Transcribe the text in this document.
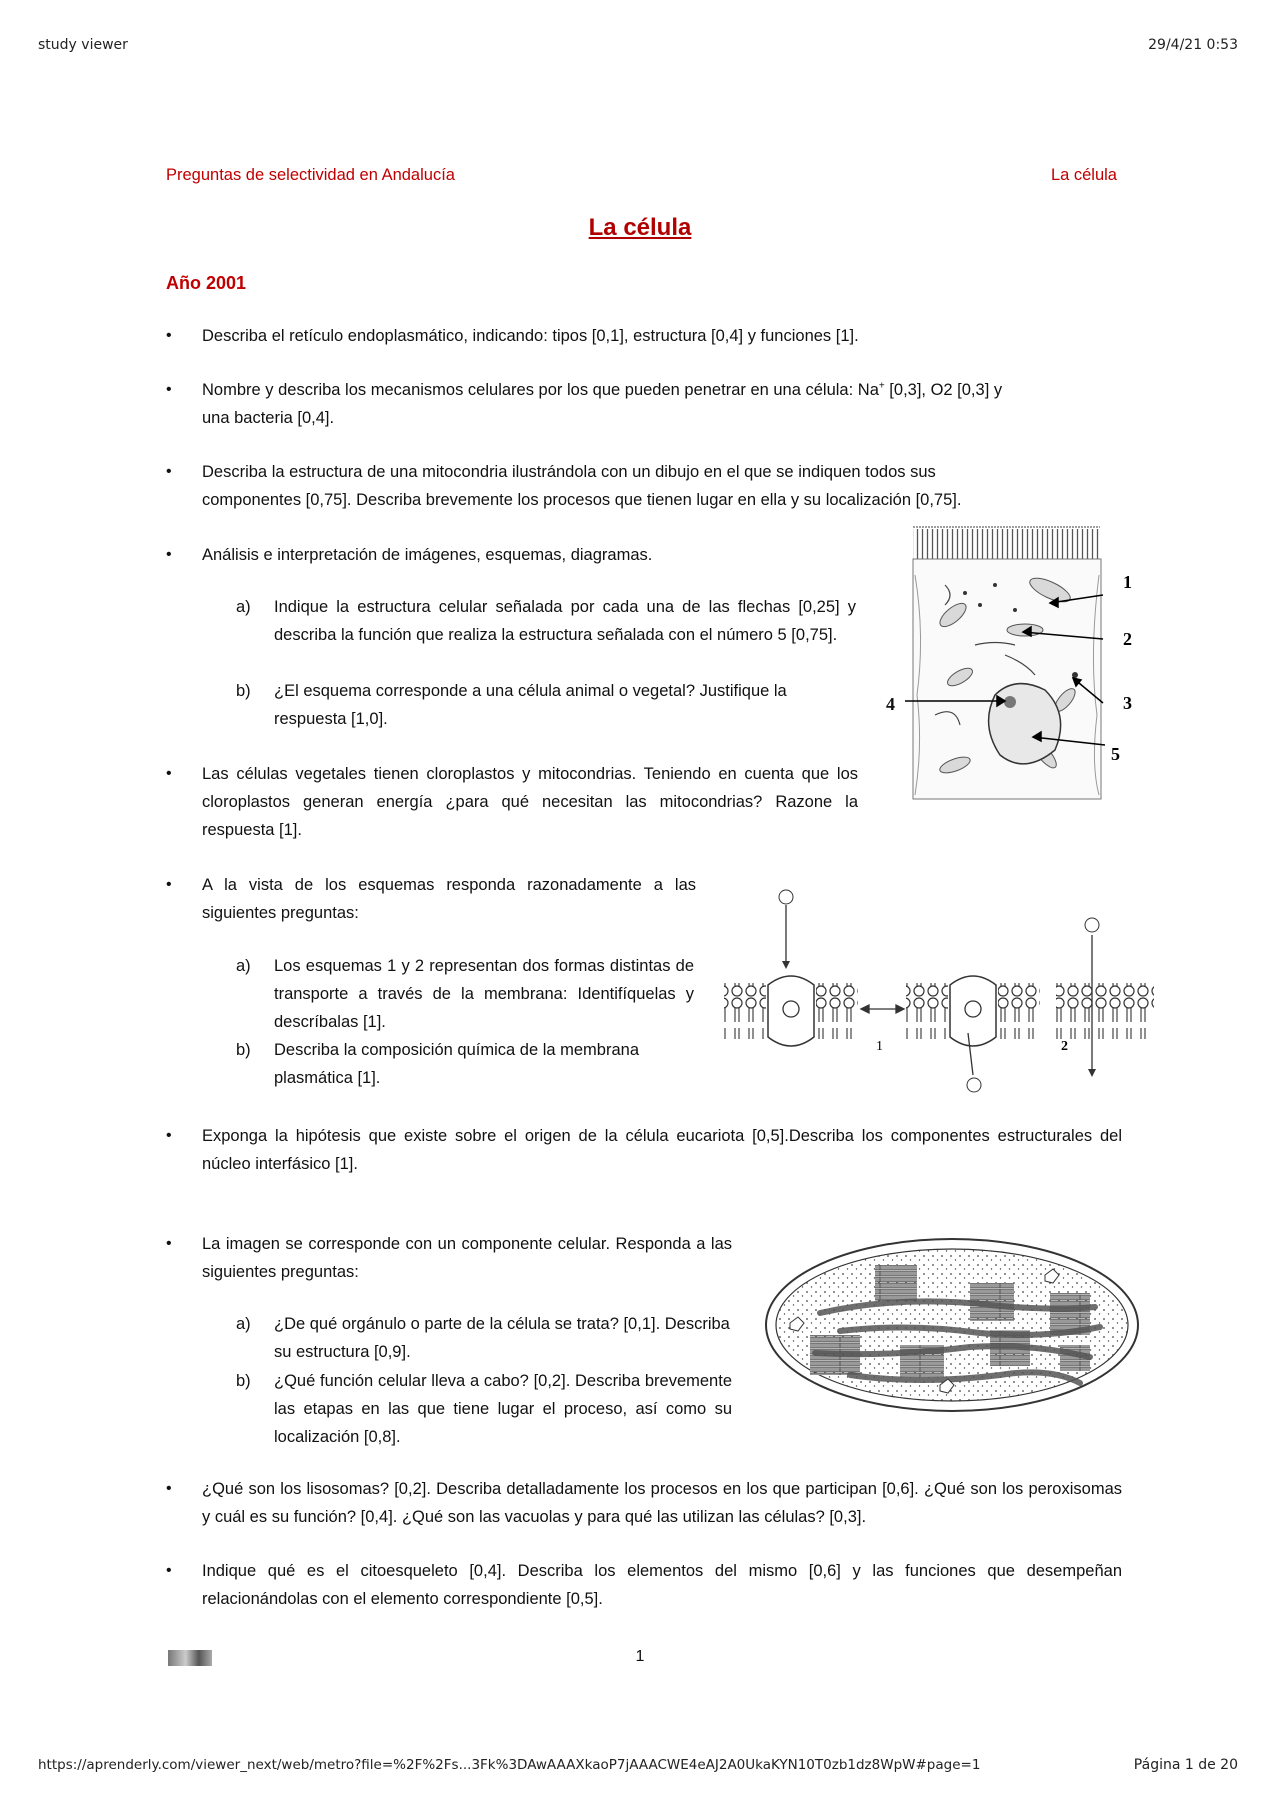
study viewer	29/4/21 0:53
https://aprenderly.com/viewer_next/web/metro?file=%2F%2Fs...3Fk%3DAwAAAXkaoP7jAAACWE4eAJ2A0UkaKYN10T0zb1dz8WpW#page=1	Página 1 de 20
Preguntas de selectividad en Andalucía	La célula
La célula
Año 2001
• Describa el retículo endoplasmático, indicando: tipos [0,1], estructura [0,4] y funciones [1].
• Nombre y describa los mecanismos celulares por los que pueden penetrar en una célula: Na+ [0,3], O2 [0,3] y
una bacteria [0,4].
• Describa la estructura de una mitocondria ilustrándola con un dibujo en el que se indiquen todos sus
componentes [0,75]. Describa brevemente los procesos que tienen lugar en ella y su localización [0,75].
• Análisis e interpretación de imágenes, esquemas, diagramas.
a) Indique la estructura celular señalada por cada una de las flechas [0,25] y describa la función que realiza la estructura señalada con el número 5 [0,75].
b) ¿El esquema corresponde a una célula animal o vegetal? Justifique la respuesta [1,0].
• Las células vegetales tienen cloroplastos y mitocondrias. Teniendo en cuenta que los cloroplastos generan energía ¿para qué necesitan las mitocondrias? Razone la respuesta [1].
• A la vista de los esquemas responda razonadamente a las siguientes preguntas:
a) Los esquemas 1 y 2 representan dos formas distintas de transporte a través de la membrana: Identifíquelas y descríbalas [1].
b) Describa la composición química de la membrana plasmática [1].
• Exponga la hipótesis que existe sobre el origen de la célula eucariota [0,5].Describa los componentes estructurales del núcleo interfásico [1].
• La imagen se corresponde con un componente celular. Responda a las siguientes preguntas:
a) ¿De qué orgánulo o parte de la célula se trata? [0,1]. Describa su estructura [0,9].
b) ¿Qué función celular lleva a cabo? [0,2]. Describa brevemente las etapas en las que tiene lugar el proceso, así como su localización [0,8].
• ¿Qué son los lisosomas? [0,2]. Describa detalladamente los procesos en los que participan [0,6]. ¿Qué son los peroxisomas y cuál es su función? [0,4]. ¿Qué son las vacuolas y para qué las utilizan las células? [0,3].
• Indique qué es el citoesqueleto [0,4]. Describa los elementos del mismo [0,6] y las funciones que desempeñan relacionándolas con el elemento correspondiente [0,5].
1
1
2
3
5
4
1	2
